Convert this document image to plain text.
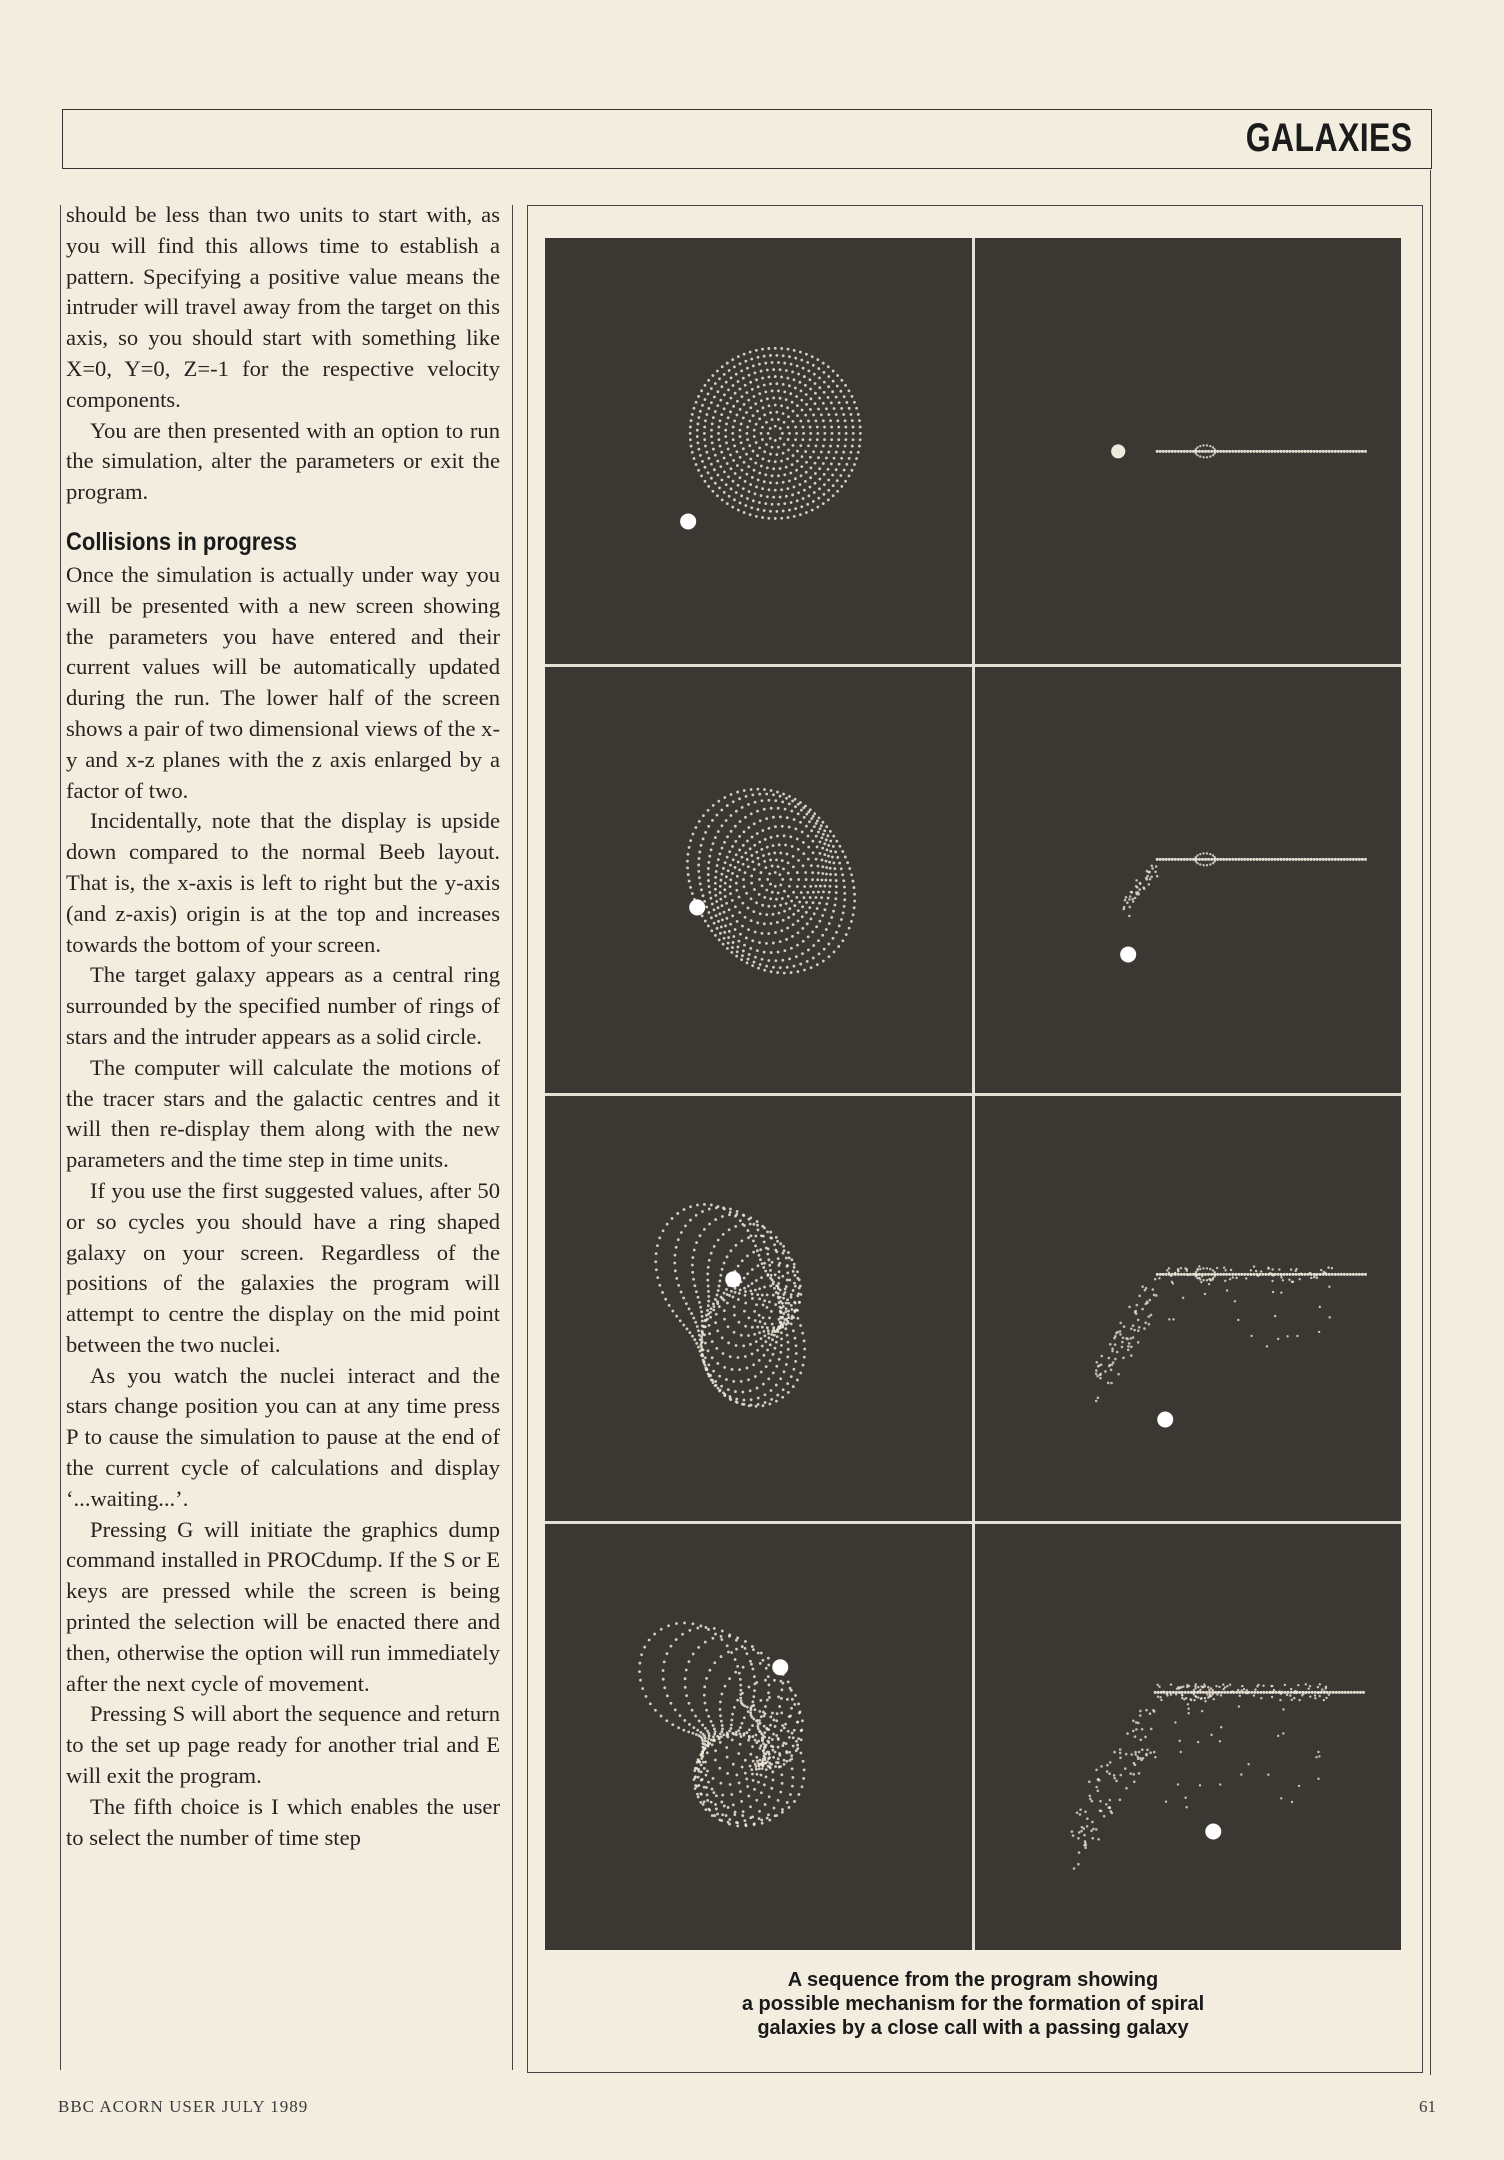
GALAXIES

should be less than two units to start with, as you will find this allows time to establish a pattern. Specifying a positive value means the intruder will travel away from the target on this axis, so you should start with something like X=0, Y=0, Z=-1 for the respective velocity components.

You are then presented with an option to run the simulation, alter the parameters or exit the program.

Collisions in progress

Once the simulation is actually under way you will be presented with a new screen showing the parameters you have entered and their current values will be automatically updated during the run. The lower half of the screen shows a pair of two dimensional views of the x-y and x-z planes with the z axis enlarged by a factor of two.

Incidentally, note that the display is upside down compared to the normal Beeb layout. That is, the x-axis is left to right but the y-axis (and z-axis) origin is at the top and increases towards the bottom of your screen.

The target galaxy appears as a central ring surrounded by the specified number of rings of stars and the intruder appears as a solid circle.

The computer will calculate the motions of the tracer stars and the galactic centres and it will then re-display them along with the new parameters and the time step in time units.

If you use the first suggested values, after 50 or so cycles you should have a ring shaped galaxy on your screen. Regardless of the positions of the galaxies the program will attempt to centre the display on the mid point between the two nuclei.

As you watch the nuclei interact and the stars change position you can at any time press P to cause the simulation to pause at the end of the current cycle of calculations and display ‘...waiting...’.

Pressing G will initiate the graphics dump command installed in PROCdump. If the S or E keys are pressed while the screen is being printed the selection will be enacted there and then, otherwise the option will run immediately after the next cycle of movement.

Pressing S will abort the sequence and return to the set up page ready for another trial and E will exit the program.

The fifth choice is I which enables the user to select the number of time step

A sequence from the program showing
a possible mechanism for the formation of spiral
galaxies by a close call with a passing galaxy
BBC ACORN USER JULY 1989	61
